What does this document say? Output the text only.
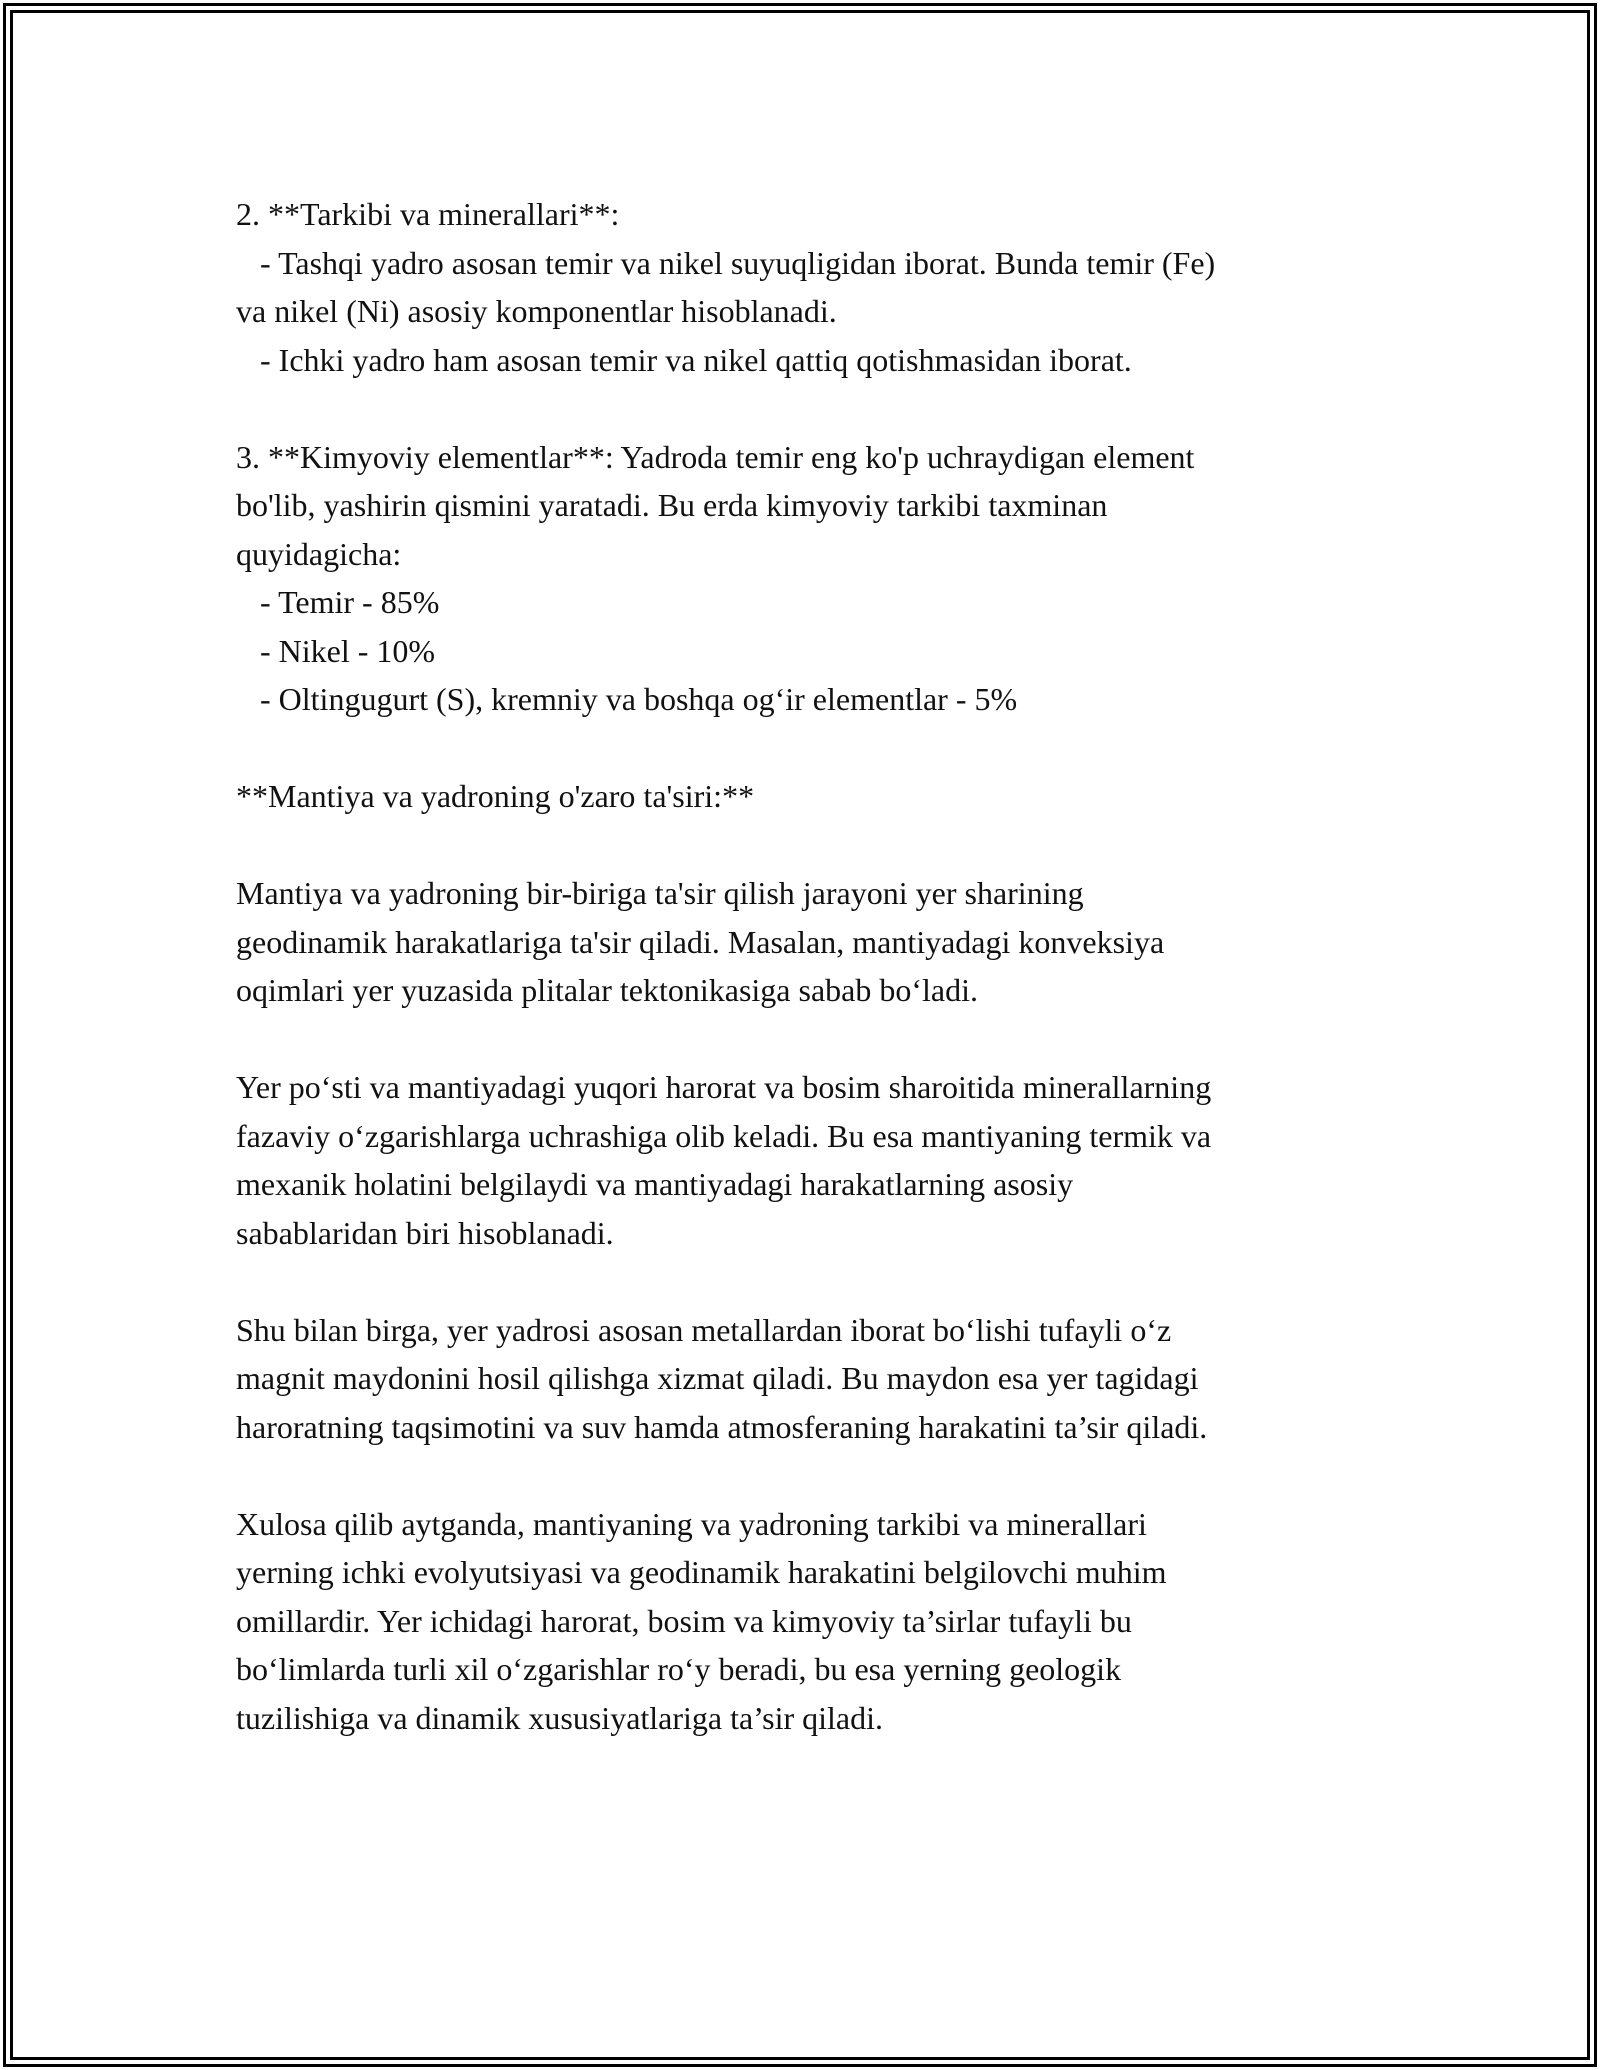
2. **Tarkibi va minerallari**:

- Tashqi yadro asosan temir va nikel suyuqligidan iborat. Bunda temir (Fe)

va nikel (Ni) asosiy komponentlar hisoblanadi.

- Ichki yadro ham asosan temir va nikel qattiq qotishmasidan iborat.

3. **Kimyoviy elementlar**: Yadroda temir eng ko'p uchraydigan element

bo'lib, yashirin qismini yaratadi. Bu erda kimyoviy tarkibi taxminan

quyidagicha:

- Temir - 85%

- Nikel - 10%

- Oltingugurt (S), kremniy va boshqa og‘ir elementlar - 5%

**Mantiya va yadroning o'zaro ta'siri:**

Mantiya va yadroning bir-biriga ta'sir qilish jarayoni yer sharining

geodinamik harakatlariga ta'sir qiladi. Masalan, mantiyadagi konveksiya

oqimlari yer yuzasida plitalar tektonikasiga sabab bo‘ladi.

Yer po‘sti va mantiyadagi yuqori harorat va bosim sharoitida minerallarning

fazaviy o‘zgarishlarga uchrashiga olib keladi. Bu esa mantiyaning termik va

mexanik holatini belgilaydi va mantiyadagi harakatlarning asosiy

sabablaridan biri hisoblanadi.

Shu bilan birga, yer yadrosi asosan metallardan iborat bo‘lishi tufayli o‘z

magnit maydonini hosil qilishga xizmat qiladi. Bu maydon esa yer tagidagi

haroratning taqsimotini va suv hamda atmosferaning harakatini ta’sir qiladi.

Xulosa qilib aytganda, mantiyaning va yadroning tarkibi va minerallari

yerning ichki evolyutsiyasi va geodinamik harakatini belgilovchi muhim

omillardir. Yer ichidagi harorat, bosim va kimyoviy ta’sirlar tufayli bu

bo‘limlarda turli xil o‘zgarishlar ro‘y beradi, bu esa yerning geologik

tuzilishiga va dinamik xususiyatlariga ta’sir qiladi.
